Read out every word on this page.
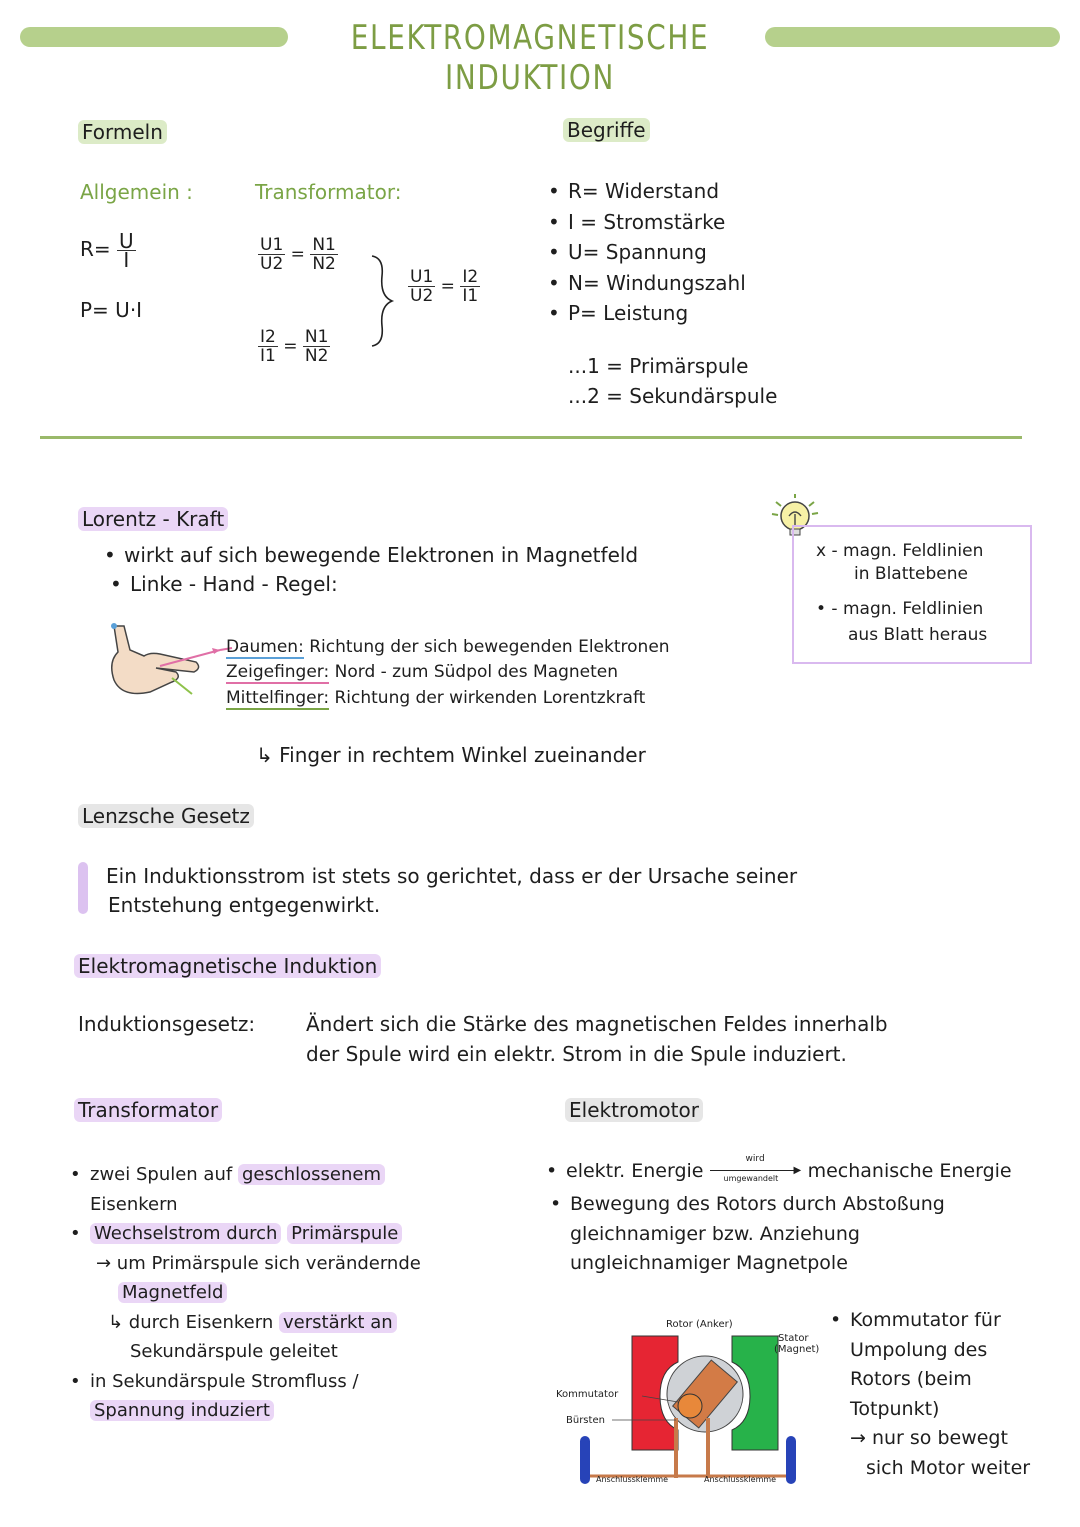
ELEKTROMAGNETISCHE INDUKTION
Formeln
Allgemein :	Transformator:
$R= \frac{U}{I}$
P= U·I
$\frac{U1}{U2} = \frac{N1}{N2}$
$\frac{I2}{I1} = \frac{N1}{N2}$
$\frac{U1}{U2} = \frac{I2}{I1}$
Begriffe
• R= Widerstand
• I = Stromstärke
• U= Spannung
• N= Windungszahl
• P= Leistung
...1 = Primärspule
...2 = Sekundärspule
Lorentz - Kraft
• wirkt auf sich bewegende Elektronen in Magnetfeld
• Linke - Hand - Regel:
Daumen: Richtung der sich bewegenden Elektronen
Zeigefinger: Nord - zum Südpol des Magneten
Mittelfinger: Richtung der wirkenden Lorentzkraft
↳ Finger in rechtem Winkel zueinander
x - magn. Feldlinien
in Blattebene
• - magn. Feldlinien
aus Blatt heraus
Lenzsche Gesetz
Ein Induktionsstrom ist stets so gerichtet, dass er der Ursache seiner
Entstehung entgegenwirkt.
Elektromagnetische Induktion
Induktionsgesetz:	Ändert sich die Stärke des magnetischen Feldes innerhalb
der Spule wird ein elektr. Strom in die Spule induziert.
Transformator
• zwei Spulen auf geschlossenem
Eisenkern
• Wechselstrom durch Primärspule
→ um Primärspule sich verändernde
Magnetfeld
↳ durch Eisenkern verstärkt an
Sekundärspule geleitet
• in Sekundärspule Stromfluss /
Spannung induziert
Elektromotor
elektr. Energie
wird
▶
umgewandelt mechanische Energie
• Bewegung des Rotors durch Abstoßung
gleichnamiger bzw. Anziehung
ungleichnamiger Magnetpole
Rotor (Anker)
Stator
(Magnet)
Kommutator
Bürsten
Anschlussklemme	Anschlussklemme
• Kommutator für
Umpolung des
Rotors (beim
Totpunkt)
→ nur so bewegt
sich Motor weiter
